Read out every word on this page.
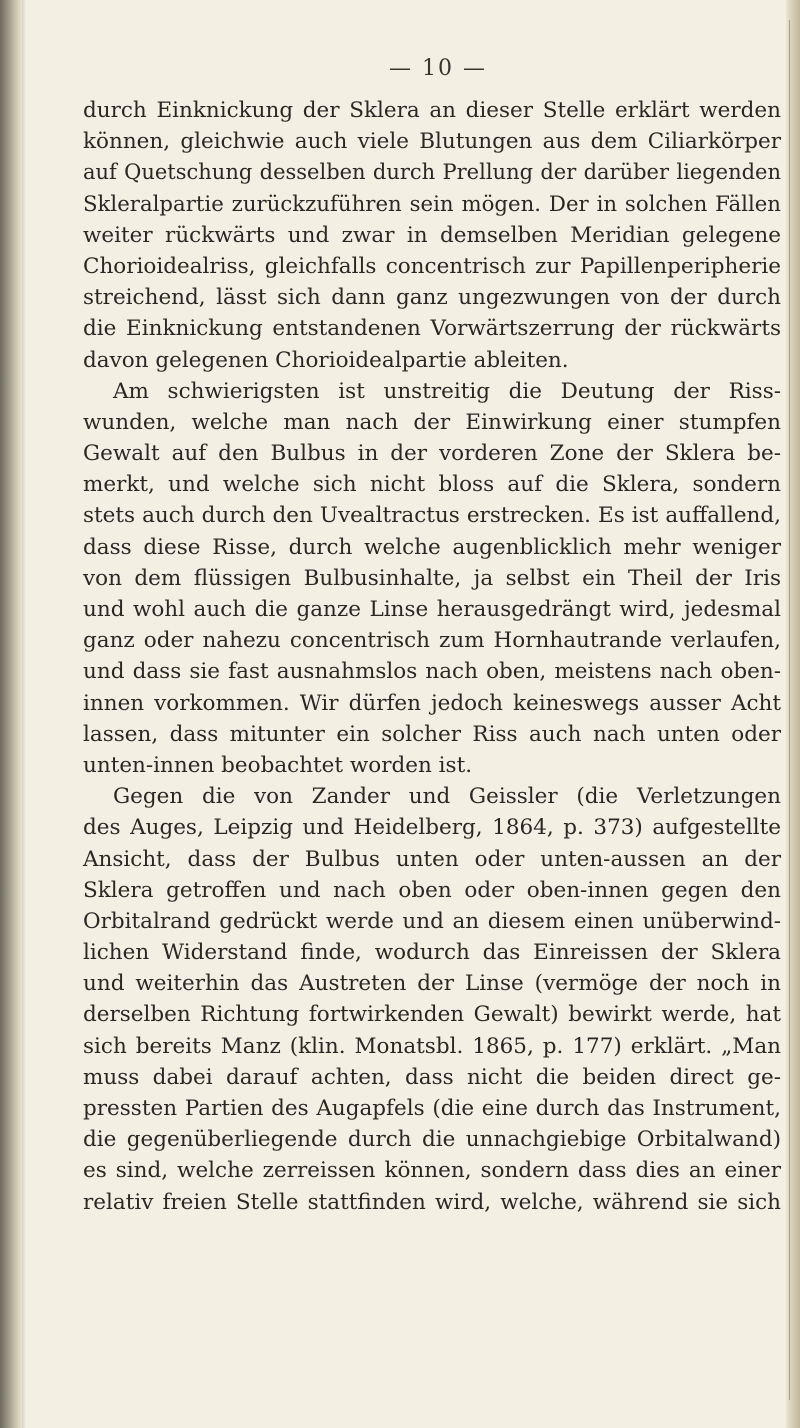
— 10 —
durch Einknickung der Sklera an dieser Stelle erklärt werden
können, gleichwie auch viele Blutungen aus dem Ciliarkörper
auf Quetschung desselben durch Prellung der darüber liegenden
Skleralpartie zurückzuführen sein mögen. Der in solchen Fällen
weiter rückwärts und zwar in demselben Meridian gelegene
Chorioidealriss, gleichfalls concentrisch zur Papillenperipherie
streichend, lässt sich dann ganz ungezwungen von der durch
die Einknickung entstandenen Vorwärtszerrung der rückwärts
davon gelegenen Chorioidealpartie ableiten.
Am schwierigsten ist unstreitig die Deutung der Riss-
wunden, welche man nach der Einwirkung einer stumpfen
Gewalt auf den Bulbus in der vorderen Zone der Sklera be-
merkt, und welche sich nicht bloss auf die Sklera, sondern
stets auch durch den Uvealtractus erstrecken. Es ist auffallend,
dass diese Risse, durch welche augenblicklich mehr weniger
von dem flüssigen Bulbusinhalte, ja selbst ein Theil der Iris
und wohl auch die ganze Linse herausgedrängt wird, jedesmal
ganz oder nahezu concentrisch zum Hornhautrande verlaufen,
und dass sie fast ausnahmslos nach oben, meistens nach oben-
innen vorkommen. Wir dürfen jedoch keineswegs ausser Acht
lassen, dass mitunter ein solcher Riss auch nach unten oder
unten-innen beobachtet worden ist.
Gegen die von Zander und Geissler (die Verletzungen
des Auges, Leipzig und Heidelberg, 1864, p. 373) aufgestellte
Ansicht, dass der Bulbus unten oder unten-aussen an der
Sklera getroffen und nach oben oder oben-innen gegen den
Orbitalrand gedrückt werde und an diesem einen unüberwind-
lichen Widerstand finde, wodurch das Einreissen der Sklera
und weiterhin das Austreten der Linse (vermöge der noch in
derselben Richtung fortwirkenden Gewalt) bewirkt werde, hat
sich bereits Manz (klin. Monatsbl. 1865, p. 177) erklärt. „Man
muss dabei darauf achten, dass nicht die beiden direct ge-
pressten Partien des Augapfels (die eine durch das Instrument,
die gegenüberliegende durch die unnachgiebige Orbitalwand)
es sind, welche zerreissen können, sondern dass dies an einer
relativ freien Stelle stattfinden wird, welche, während sie sich
